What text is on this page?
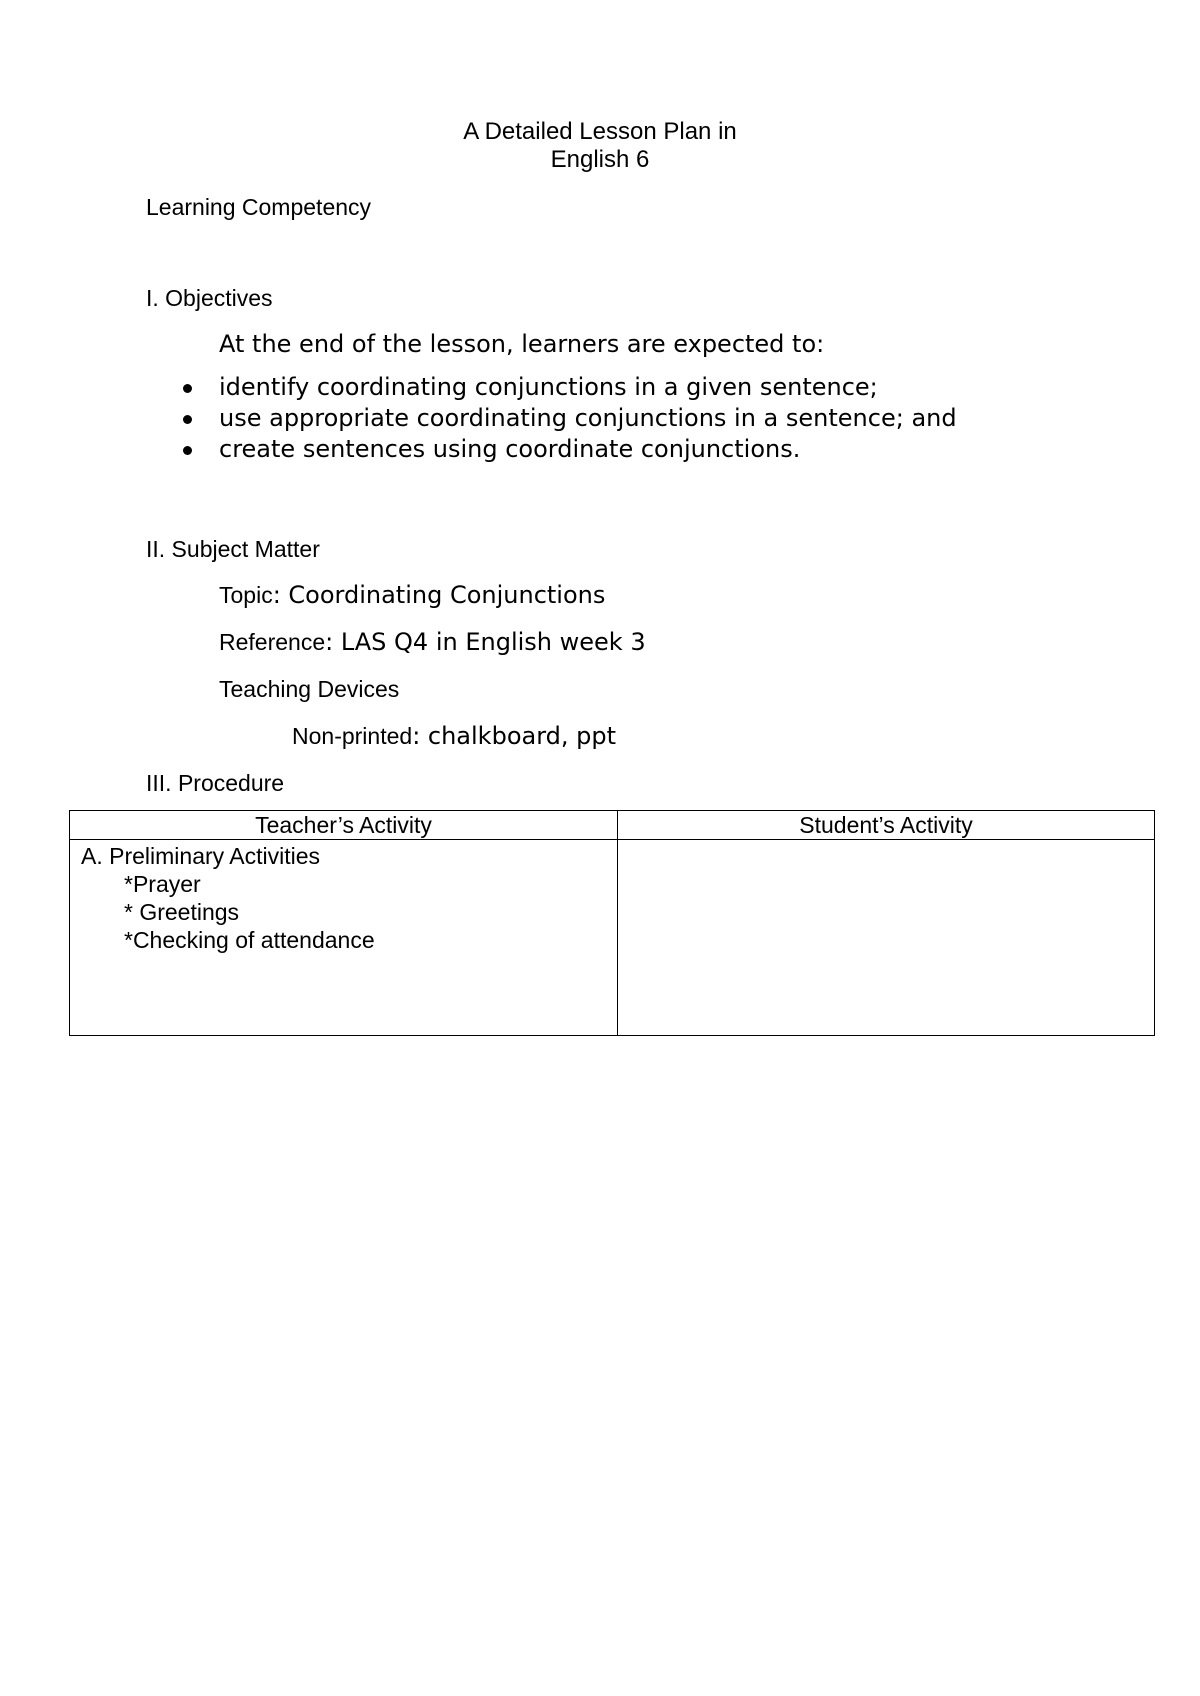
A Detailed Lesson Plan in
English 6
Learning Competency
I. Objectives
At the end of the lesson, learners are expected to:
identify coordinating conjunctions in a given sentence;
use appropriate coordinating conjunctions in a sentence; and
create sentences using coordinate conjunctions.
II. Subject Matter
Topic: Coordinating Conjunctions
Reference: LAS Q4 in English week 3
Teaching Devices
Non-printed: chalkboard, ppt
III. Procedure
Teacher’s Activity	Student’s Activity

A. Preliminary Activities
*Prayer
* Greetings
*Checking of attendance	
